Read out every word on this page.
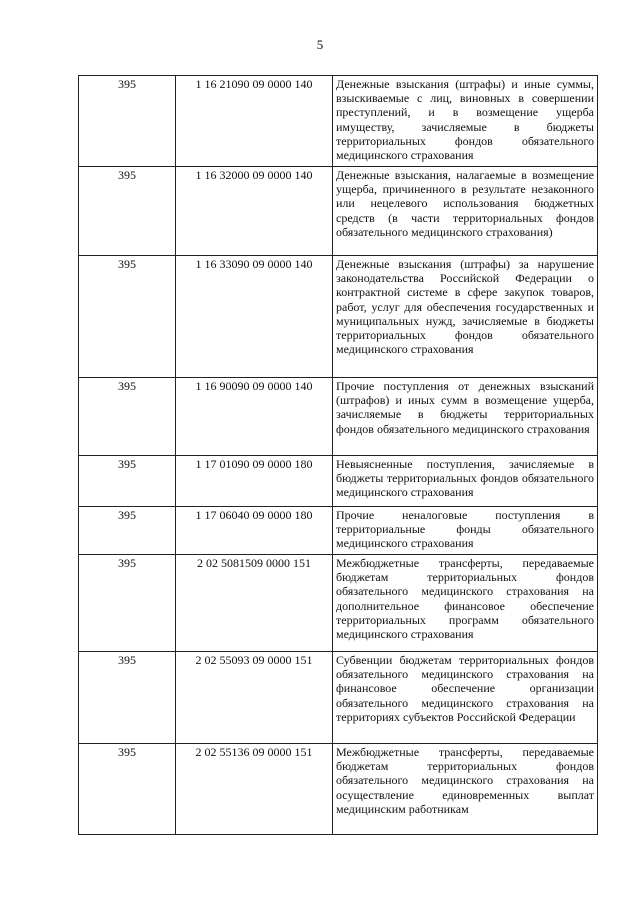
5
395	1 16 21090 09 0000 140	Денежные взыскания (штрафы) и иные суммы, взыскиваемые с лиц, виновных в совершении преступлений, и в возмещение ущерба имуществу, зачисляемые в бюджеты территориальных фондов обязательного медицинского страхования
395	1 16 32000 09 0000 140	Денежные взыскания, налагаемые в возмещение ущерба, причиненного в результате незаконного или нецелевого использования бюджетных средств (в части территориальных фондов обязательного медицинского страхования)
395	1 16 33090 09 0000 140	Денежные взыскания (штрафы) за нарушение законодательства Российской Федерации о контрактной системе в сфере закупок товаров, работ, услуг для обеспечения государственных и муниципальных нужд, зачисляемые в бюджеты территориальных фондов обязательного медицинского страхования
395	1 16 90090 09 0000 140	Прочие поступления от денежных взысканий (штрафов) и иных сумм в возмещение ущерба, зачисляемые в бюджеты территориальных фондов обязательного медицинского страхования
395	1 17 01090 09 0000 180	Невыясненные поступления, зачисляемые в бюджеты территориальных фондов обязательного медицинского страхования
395	1 17 06040 09 0000 180	Прочие неналоговые поступления в территориальные фонды обязательного медицинского страхования
395	2 02 5081509 0000 151	Межбюджетные трансферты, передаваемые бюджетам территориальных фондов обязательного медицинского страхования на дополнительное финансовое обеспечение территориальных программ обязательного медицинского страхования
395	2 02 55093 09 0000 151	Субвенции бюджетам территориальных фондов обязательного медицинского страхования на финансовое обеспечение организации обязательного медицинского страхования на территориях субъектов Российской Федерации
395	2 02 55136 09 0000 151	Межбюджетные трансферты, передаваемые бюджетам территориальных фондов обязательного медицинского страхования на осуществление единовременных выплат медицинским работникам
